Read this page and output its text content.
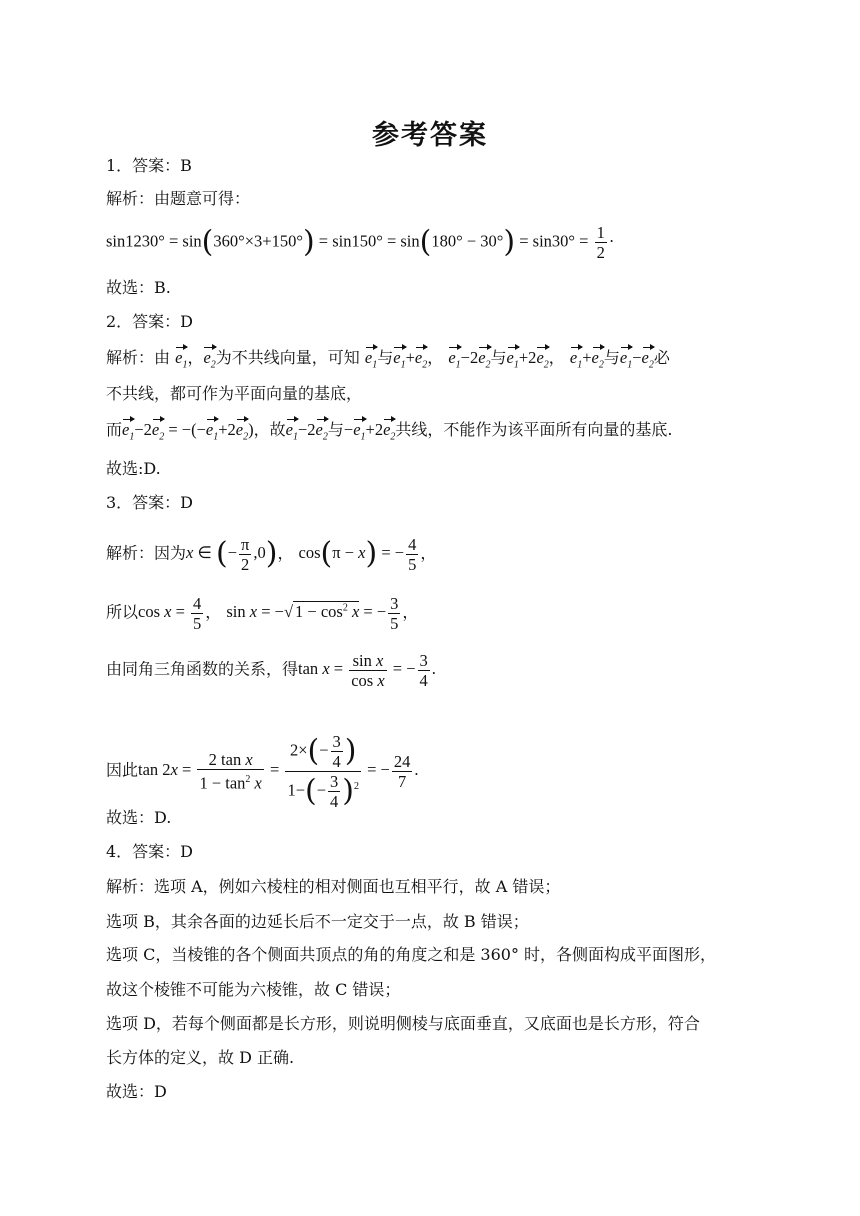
参考答案
1．答案：B
解析：由题意可得：
$\sin 1230^\circ = \sin(360^\circ\times 3+150^\circ) = \sin 150^\circ = \sin(180^\circ - 30^\circ) = \sin 30^\circ = \frac{1}{2}$ ·
故选：B.
2．答案：D
解析：由 $e_1$，$e_2$为不共线向量，可知 $e_1$与$e_1+e_2$， $e_1-2e_2$与$e_1+2e_2$， $e_1+e_2$与$e_1-e_2$必
不共线，都可作为平面向量的基底，
而$e_1-2e_2 = -(-e_1+2e_2)$，故$e_1-2e_2$与$-e_1+2e_2$共线，不能作为该平面所有向量的基底.
故选:D.
3．答案：D
解析：因为x ∈ (− $\frac{\pi}{2} ,0$)， cos(π − x) = − $\frac{4}{5}$ ，
所以$\cos x = \frac{4}{5}$ ， sin x = −√ $1 - \cos^2 x$ = − $\frac{3}{5}$ ，
由同角三角函数的关系，得$\tan x = \frac{\text{sin x}}{\text{cos x}}$ = − $\frac{3}{4}$ .
因此$\tan 2x = \frac{\text{2 tan x}}{1 - \tan^2 x} = \frac{2\times(- \frac{3}{4} )}{1-(- \frac{3}{4} )^2}$ = − $\frac{24}{7}$ .
故选：D.
4．答案：D
解析：选项 A，例如六棱柱的相对侧面也互相平行，故 A 错误；
选项 B，其余各面的边延长后不一定交于一点，故 B 错误；
选项 C，当棱锥的各个侧面共顶点的角的角度之和是 360° 时，各侧面构成平面图形，
故这个棱锥不可能为六棱锥，故 C 错误；
选项 D，若每个侧面都是长方形，则说明侧棱与底面垂直，又底面也是长方形，符合
长方体的定义，故 D 正确.
故选：D
